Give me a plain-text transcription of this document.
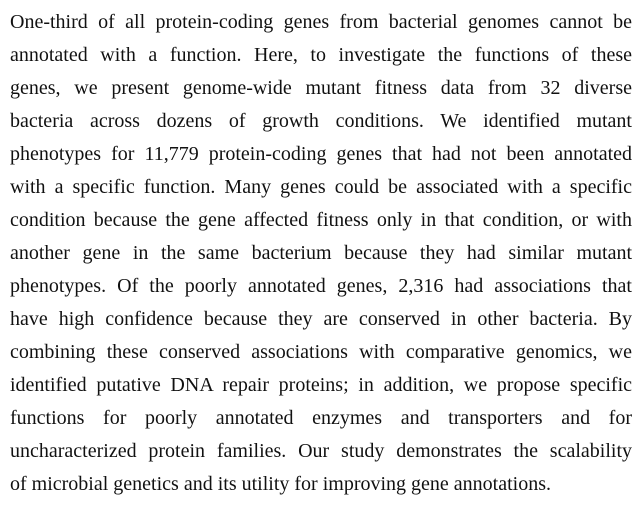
One-third of all protein-coding genes from bacterial genomes cannot be
annotated with a function. Here, to investigate the functions of these
genes, we present genome-wide mutant fitness data from 32 diverse
bacteria across dozens of growth conditions. We identified mutant
phenotypes for 11,779 protein-coding genes that had not been annotated
with a specific function. Many genes could be associated with a specific
condition because the gene affected fitness only in that condition, or with
another gene in the same bacterium because they had similar mutant
phenotypes. Of the poorly annotated genes, 2,316 had associations that
have high confidence because they are conserved in other bacteria. By
combining these conserved associations with comparative genomics, we
identified putative DNA repair proteins; in addition, we propose specific
functions for poorly annotated enzymes and transporters and for
uncharacterized protein families. Our study demonstrates the scalability
of microbial genetics and its utility for improving gene annotations.
